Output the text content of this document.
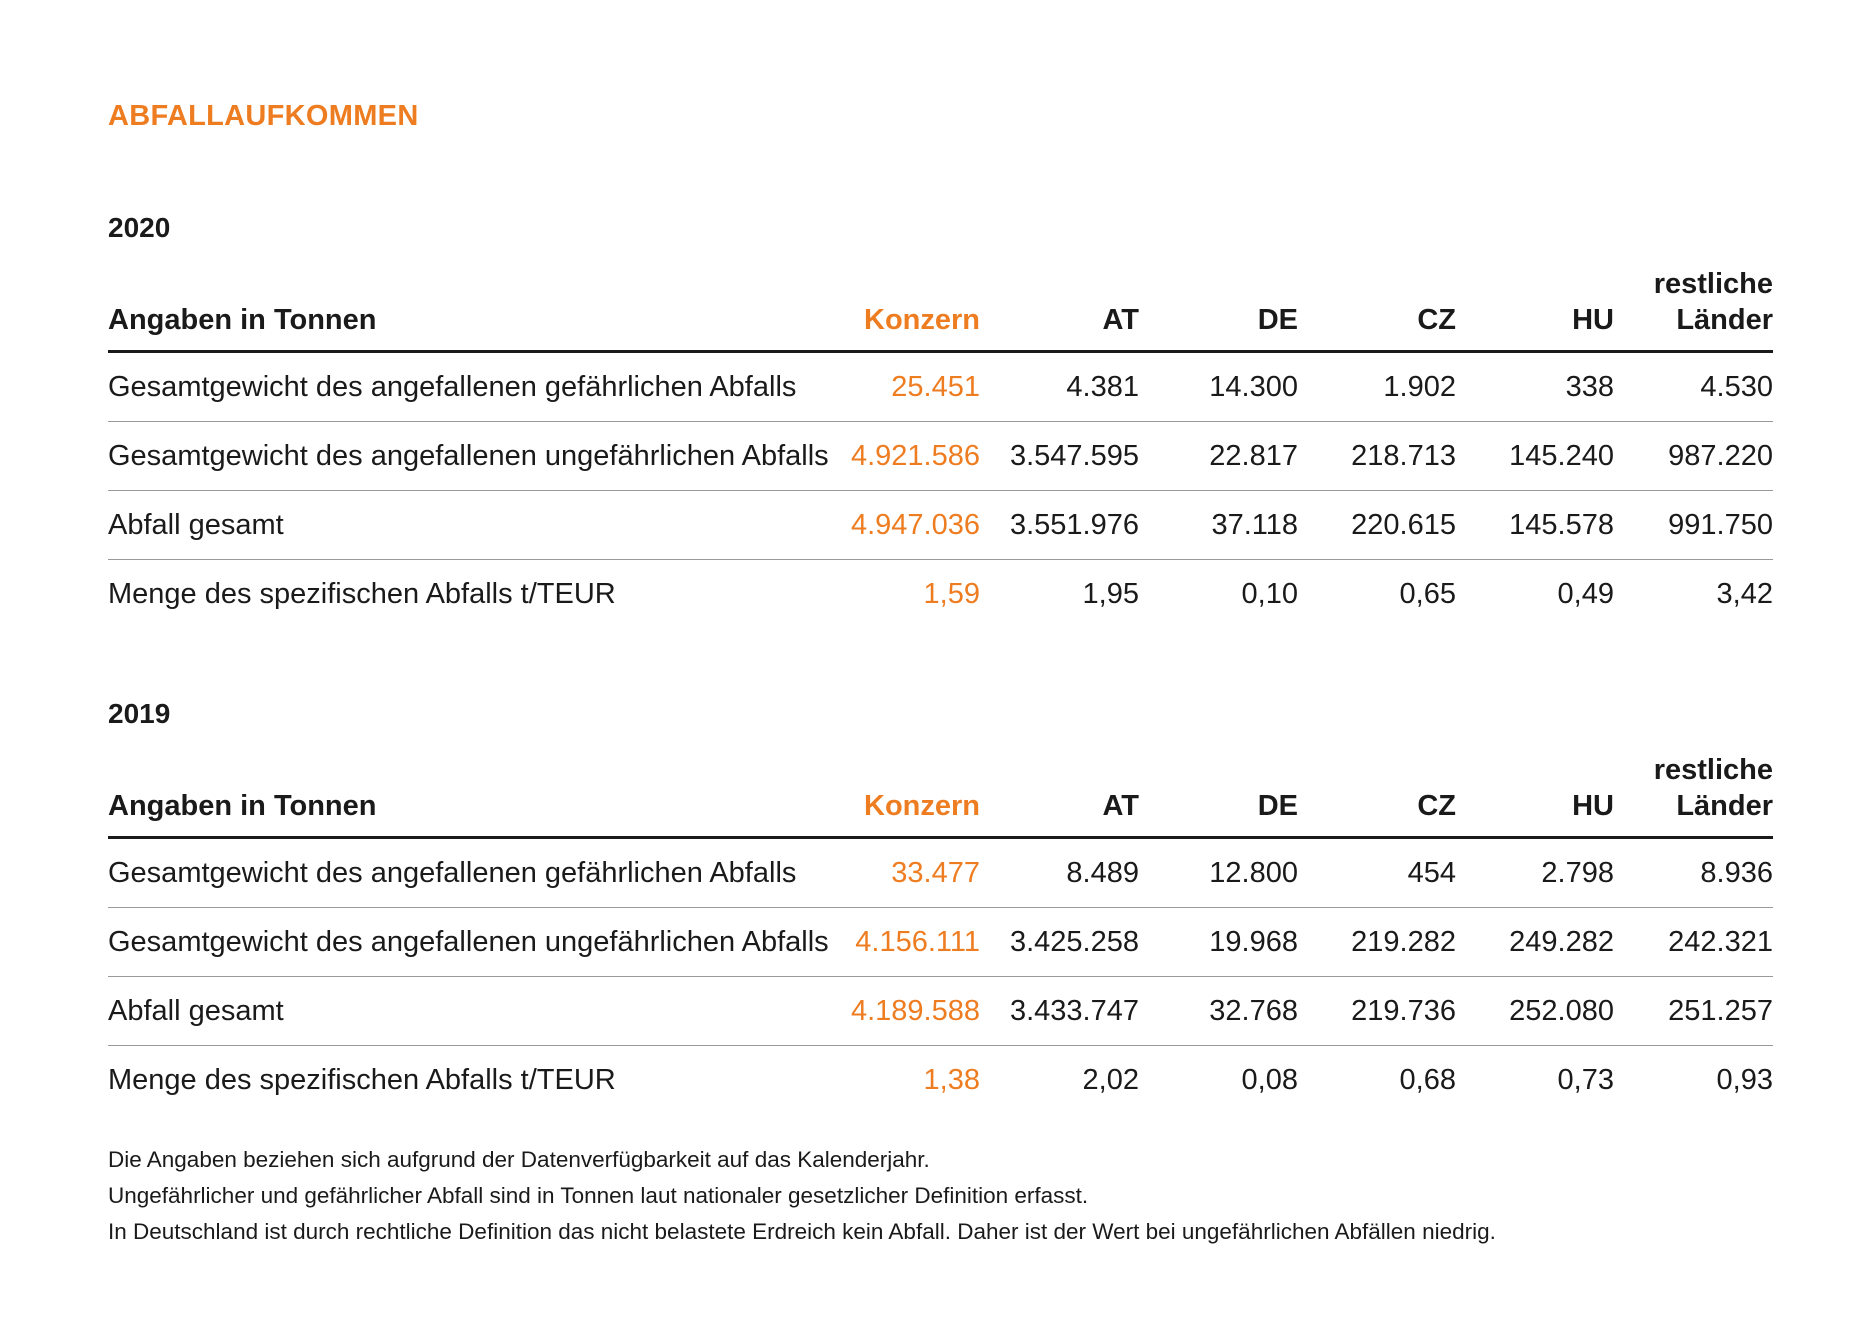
ABFALLAUFKOMMEN
2020
Angaben in Tonnen	Konzern	AT	DE	CZ	HU	restliche
Länder
Gesamtgewicht des angefallenen gefährlichen Abfalls	25.451	4.381	14.300	1.902	338	4.530
Gesamtgewicht des angefallenen ungefährlichen Abfalls	4.921.586	3.547.595	22.817	218.713	145.240	987.220
Abfall gesamt	4.947.036	3.551.976	37.118	220.615	145.578	991.750
Menge des spezifischen Abfalls t/TEUR	1,59	1,95	0,10	0,65	0,49	3,42
2019
Angaben in Tonnen	Konzern	AT	DE	CZ	HU	restliche
Länder
Gesamtgewicht des angefallenen gefährlichen Abfalls	33.477	8.489	12.800	454	2.798	8.936
Gesamtgewicht des angefallenen ungefährlichen Abfalls	4.156.111	3.425.258	19.968	219.282	249.282	242.321
Abfall gesamt	4.189.588	3.433.747	32.768	219.736	252.080	251.257
Menge des spezifischen Abfalls t/TEUR	1,38	2,02	0,08	0,68	0,73	0,93
Die Angaben beziehen sich aufgrund der Datenverfügbarkeit auf das Kalenderjahr.
Ungefährlicher und gefährlicher Abfall sind in Tonnen laut nationaler gesetzlicher Definition erfasst.
In Deutschland ist durch rechtliche Definition das nicht belastete Erdreich kein Abfall. Daher ist der Wert bei ungefährlichen Abfällen niedrig.
